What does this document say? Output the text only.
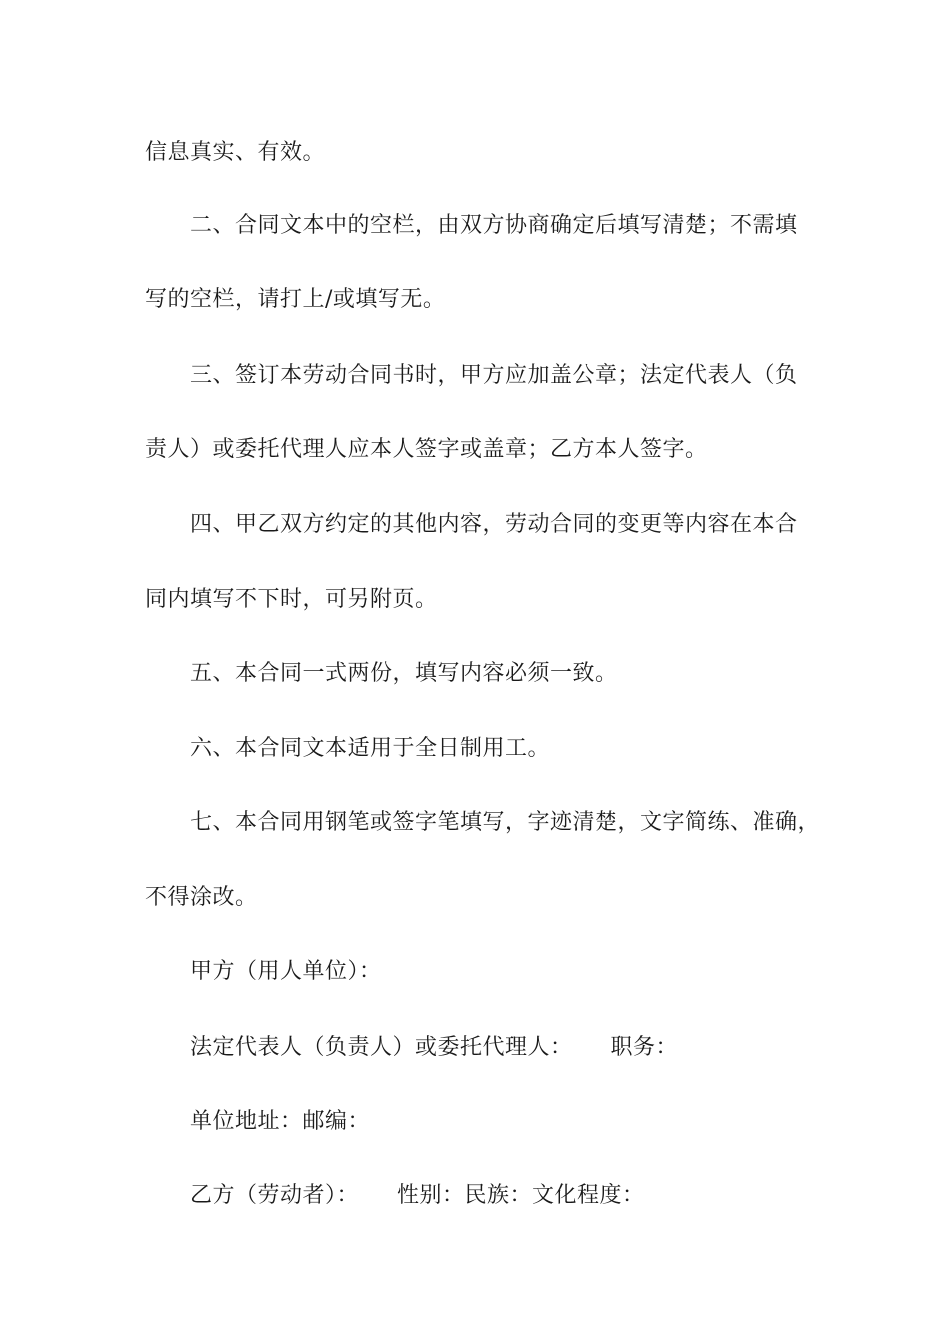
信息真实、有效。
二、合同文本中的空栏，由双方协商确定后填写清楚；不需填
写的空栏，请打上/或填写无。
三、签订本劳动合同书时，甲方应加盖公章；法定代表人（负
责人）或委托代理人应本人签字或盖章；乙方本人签字。
四、甲乙双方约定的其他内容，劳动合同的变更等内容在本合
同内填写不下时，可另附页。
五、本合同一式两份，填写内容必须一致。
六、本合同文本适用于全日制用工。
七、本合同用钢笔或签字笔填写，字迹清楚，文字简练、准确，
不得涂改。
甲方（用人单位）：
法定代表人（负责人）或委托代理人： 职务：
单位地址：邮编：
乙方（劳动者）： 性别：民族：文化程度：
